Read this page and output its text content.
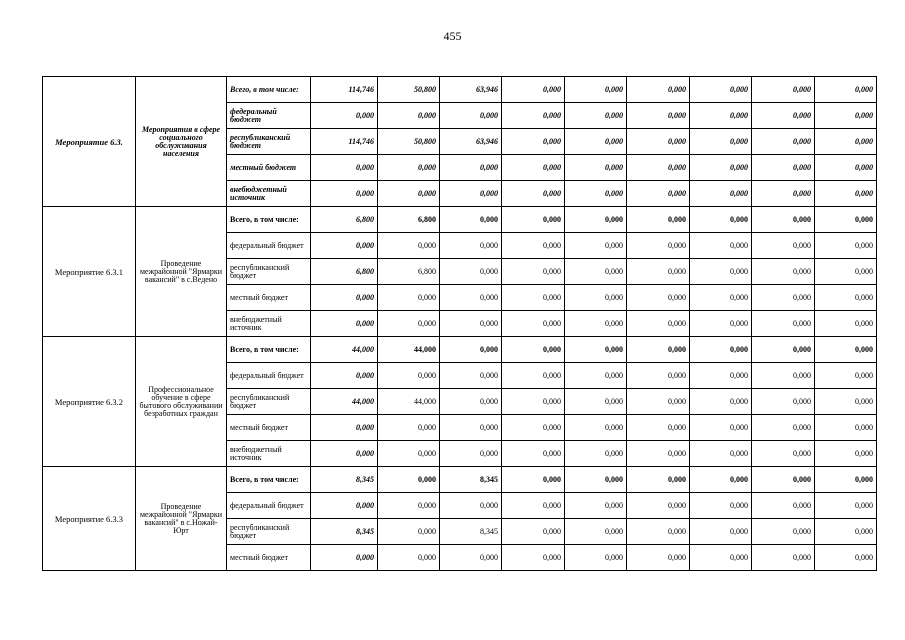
455
Мероприятие 6.3.	Мероприятия в сфере социального обслуживания населения	Всего, в том числе:	114,746	50,800	63,946	0,000	0,000	0,000	0,000	0,000	0,000
		федеральный бюджет	0,000	0,000	0,000	0,000	0,000	0,000	0,000	0,000	0,000
		республиканский бюджет	114,746	50,800	63,946	0,000	0,000	0,000	0,000	0,000	0,000
		местный бюджет	0,000	0,000	0,000	0,000	0,000	0,000	0,000	0,000	0,000
		внебюджетный источник	0,000	0,000	0,000	0,000	0,000	0,000	0,000	0,000	0,000
Мероприятие 6.3.1	Проведение межрайонной "Ярмарки вакансий" в с.Ведено	Всего, в том числе:	6,800	6,800	0,000	0,000	0,000	0,000	0,000	0,000	0,000
		федеральный бюджет	0,000	0,000	0,000	0,000	0,000	0,000	0,000	0,000	0,000
		республиканский бюджет	6,800	6,800	0,000	0,000	0,000	0,000	0,000	0,000	0,000
		местный бюджет	0,000	0,000	0,000	0,000	0,000	0,000	0,000	0,000	0,000
		внебюджетный источник	0,000	0,000	0,000	0,000	0,000	0,000	0,000	0,000	0,000
Мероприятие 6.3.2	Профессиональное обучение в сфере бытового обслуживании безработных граждан	Всего, в том числе:	44,000	44,000	0,000	0,000	0,000	0,000	0,000	0,000	0,000
		федеральный бюджет	0,000	0,000	0,000	0,000	0,000	0,000	0,000	0,000	0,000
		республиканский бюджет	44,000	44,000	0,000	0,000	0,000	0,000	0,000	0,000	0,000
		местный бюджет	0,000	0,000	0,000	0,000	0,000	0,000	0,000	0,000	0,000
		внебюджетный источник	0,000	0,000	0,000	0,000	0,000	0,000	0,000	0,000	0,000
Мероприятие 6.3.3	Проведение межрайонной "Ярмарки вакансий" в с.Ножай-Юрт	Всего, в том числе:	8,345	0,000	8,345	0,000	0,000	0,000	0,000	0,000	0,000
		федеральный бюджет	0,000	0,000	0,000	0,000	0,000	0,000	0,000	0,000	0,000
		республиканский бюджет	8,345	0,000	8,345	0,000	0,000	0,000	0,000	0,000	0,000
		местный бюджет	0,000	0,000	0,000	0,000	0,000	0,000	0,000	0,000	0,000
